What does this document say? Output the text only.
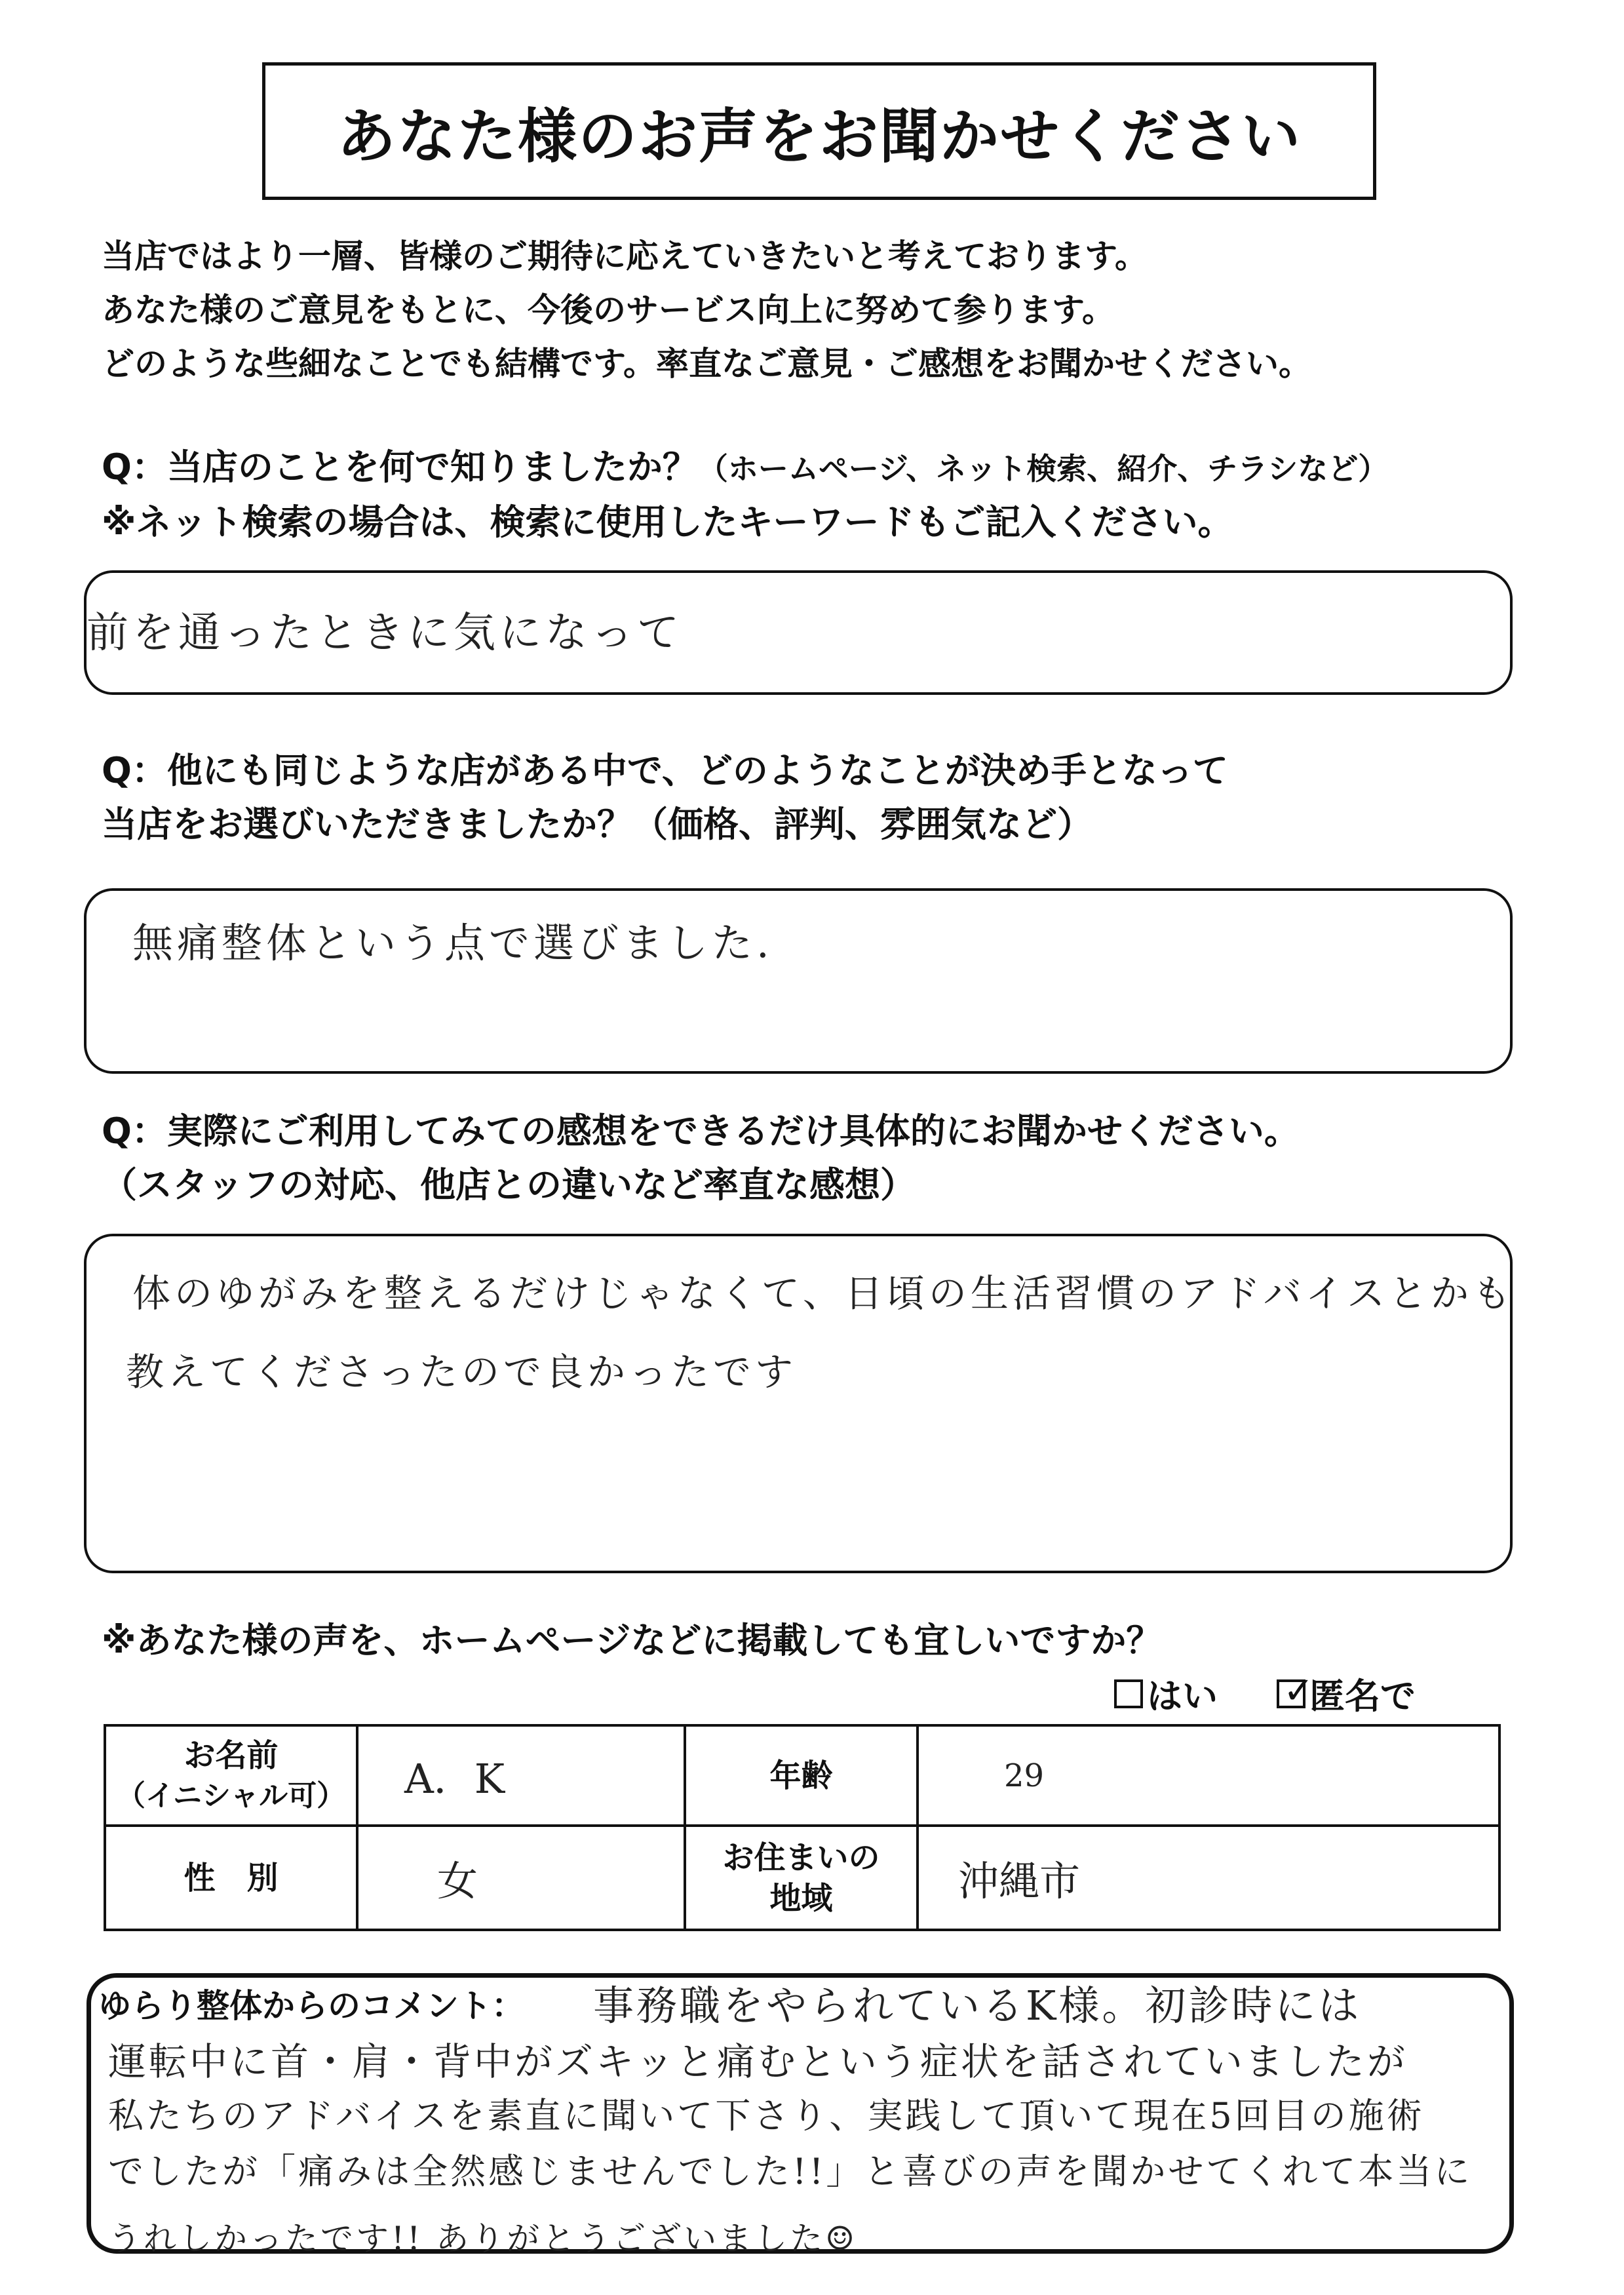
あなた様のお声をお聞かせください
当店ではより一層、皆様のご期待に応えていきたいと考えております。
あなた様のご意見をもとに、今後のサービス向上に努めて参ります。
どのような些細なことでも結構です。率直なご意見・ご感想をお聞かせください。
Q：当店のことを何で知りましたか？（ホームページ、ネット検索、紹介、チラシなど）
※ネット検索の場合は、検索に使用したキーワードもご記入ください。
前を通ったときに気になって
Q：他にも同じような店がある中で、どのようなことが決め手となって
当店をお選びいただきましたか？（価格、評判、雰囲気など）
無痛整体という点で選びました.
Q：実際にご利用してみての感想をできるだけ具体的にお聞かせください。
（スタッフの対応、他店との違いなど率直な感想）
体のゆがみを整えるだけじゃなくて、日頃の生活習慣のアドバイスとかも
教えてくださったので良かったです
※あなた様の声を、ホームページなどに掲載しても宜しいですか？
はい ✓
匿名で
お名前
（イニシャル可）	A．K	年齢	29
性　別	女	お住まいの
地域	沖縄市
ゆらり整体からのコメント： 事務職をやられているK様。初診時には
運転中に首・肩・背中がズキッと痛むという症状を話されていましたが
私たちのアドバイスを素直に聞いて下さり、実践して頂いて現在5回目の施術
でしたが「痛みは全然感じませんでした!!」と喜びの声を聞かせてくれて本当に
うれしかったです!! ありがとうございました☺
